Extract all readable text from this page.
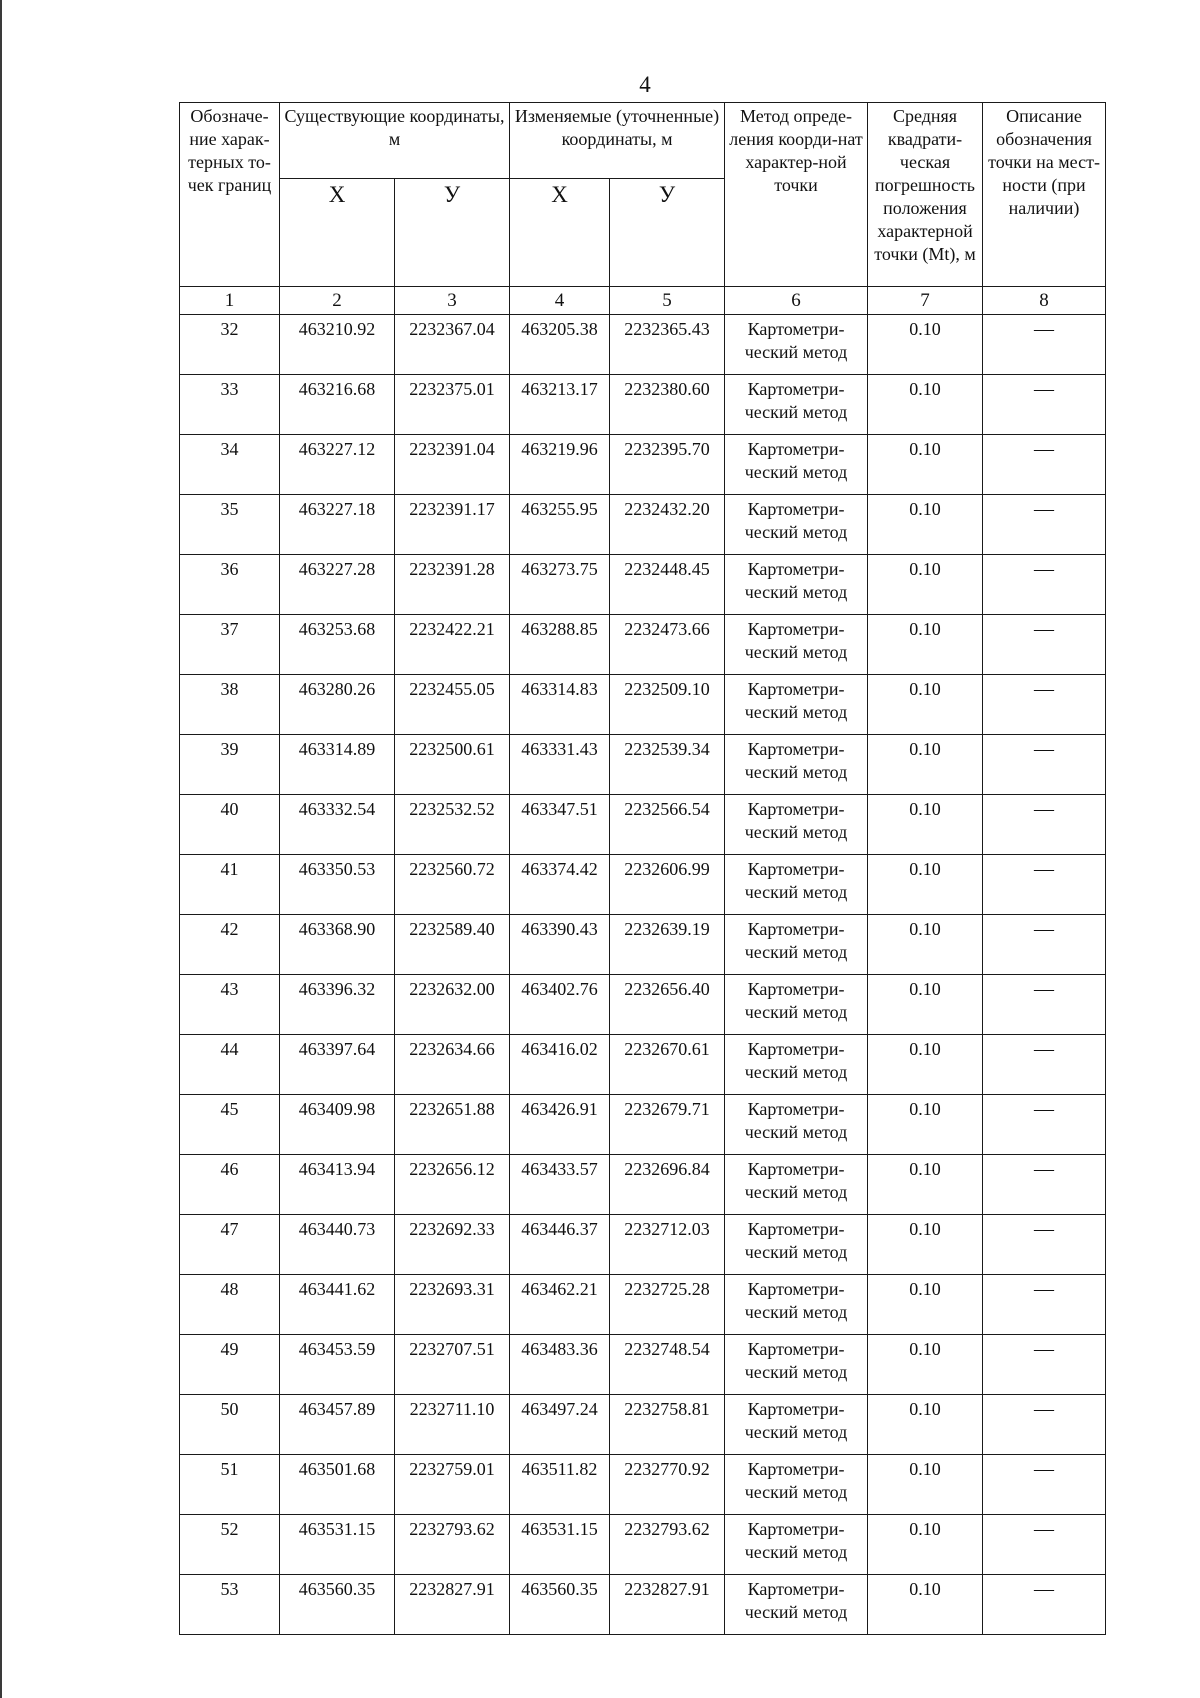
4
Обозначе-ние харак-терных то-чек границ	Существующие координаты, м		Изменяемые (уточненные) координаты, м		Метод опреде-ления коорди-нат характер-ной точки	Средняя квадрати-ческая погрешность положения характерной точки (Mt), м	Описание обозначения точки на мест-ности (при наличии)
	Х	У	Х	У			
1	2	3	4	5	6	7	8
32	463210.92	2232367.04	463205.38	2232365.43	Картометри-ческий метод	0.10	—
33	463216.68	2232375.01	463213.17	2232380.60	Картометри-ческий метод	0.10	—
34	463227.12	2232391.04	463219.96	2232395.70	Картометри-ческий метод	0.10	—
35	463227.18	2232391.17	463255.95	2232432.20	Картометри-ческий метод	0.10	—
36	463227.28	2232391.28	463273.75	2232448.45	Картометри-ческий метод	0.10	—
37	463253.68	2232422.21	463288.85	2232473.66	Картометри-ческий метод	0.10	—
38	463280.26	2232455.05	463314.83	2232509.10	Картометри-ческий метод	0.10	—
39	463314.89	2232500.61	463331.43	2232539.34	Картометри-ческий метод	0.10	—
40	463332.54	2232532.52	463347.51	2232566.54	Картометри-ческий метод	0.10	—
41	463350.53	2232560.72	463374.42	2232606.99	Картометри-ческий метод	0.10	—
42	463368.90	2232589.40	463390.43	2232639.19	Картометри-ческий метод	0.10	—
43	463396.32	2232632.00	463402.76	2232656.40	Картометри-ческий метод	0.10	—
44	463397.64	2232634.66	463416.02	2232670.61	Картометри-ческий метод	0.10	—
45	463409.98	2232651.88	463426.91	2232679.71	Картометри-ческий метод	0.10	—
46	463413.94	2232656.12	463433.57	2232696.84	Картометри-ческий метод	0.10	—
47	463440.73	2232692.33	463446.37	2232712.03	Картометри-ческий метод	0.10	—
48	463441.62	2232693.31	463462.21	2232725.28	Картометри-ческий метод	0.10	—
49	463453.59	2232707.51	463483.36	2232748.54	Картометри-ческий метод	0.10	—
50	463457.89	2232711.10	463497.24	2232758.81	Картометри-ческий метод	0.10	—
51	463501.68	2232759.01	463511.82	2232770.92	Картометри-ческий метод	0.10	—
52	463531.15	2232793.62	463531.15	2232793.62	Картометри-ческий метод	0.10	—
53	463560.35	2232827.91	463560.35	2232827.91	Картометри-ческий метод	0.10	—
